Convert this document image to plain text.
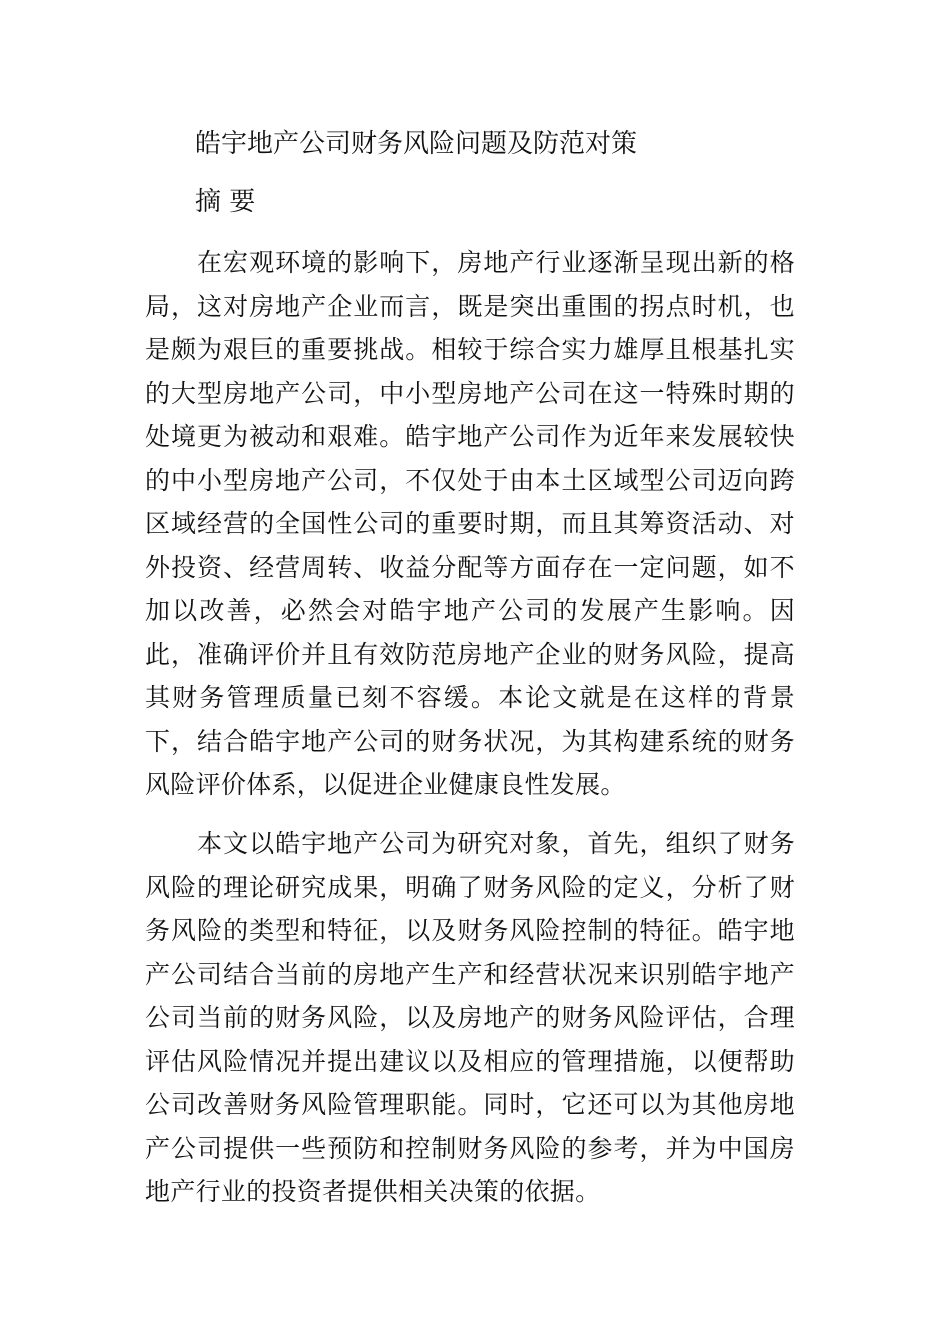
皓宇地产公司财务风险问题及防范对策
摘 要

在宏观环境的影响下，房地产行业逐渐呈现出新的格局，这对房地产企业而言，既是突出重围的拐点时机，也是颇为艰巨的重要挑战。相较于综合实力雄厚且根基扎实的大型房地产公司，中小型房地产公司在这一特殊时期的处境更为被动和艰难。皓宇地产公司作为近年来发展较快的中小型房地产公司，不仅处于由本土区域型公司迈向跨区域经营的全国性公司的重要时期，而且其筹资活动、对外投资、经营周转、收益分配等方面存在一定问题，如不加以改善，必然会对皓宇地产公司的发展产生影响。因此，准确评价并且有效防范房地产企业的财务风险，提高其财务管理质量已刻不容缓。本论文就是在这样的背景下，结合皓宇地产公司的财务状况，为其构建系统的财务风险评价体系，以促进企业健康良性发展。

本文以皓宇地产公司为研究对象，首先，组织了财务风险的理论研究成果，明确了财务风险的定义，分析了财务风险的类型和特征，以及财务风险控制的特征。皓宇地产公司结合当前的房地产生产和经营状况来识别皓宇地产公司当前的财务风险，以及房地产的财务风险评估，合理评估风险情况并提出建议以及相应的管理措施，以便帮助公司改善财务风险管理职能。同时，它还可以为其他房地产公司提供一些预防和控制财务风险的参考，并为中国房地产行业的投资者提供相关决策的依据。
